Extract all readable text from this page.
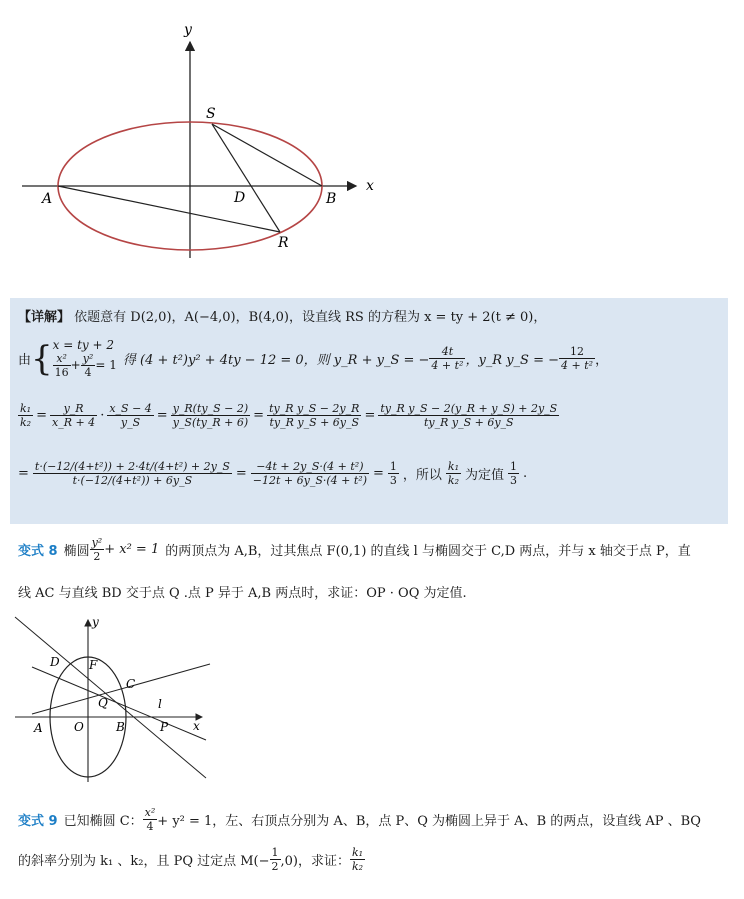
y
x
S
A	D	B
R
【详解】 依题意有 D(2,0)，A(−4,0)，B(4,0)，设直线 RS 的方程为 x = ty + 2(t ≠ 0)，
由 { x = ty + 2
$\frac{\text{x²}}{16} + \frac{\text{y²}}{4} = 1$ 得 (4 + t²)y² + 4ty − 12 = 0，则 y_R + y_S = − $\frac{4t}{\text{4 + t²}}$ ，y_R y_S = − $\frac{12}{\text{4 + t²}}$ ，
$\frac{\text{k₁}}{\text{k₂}} = \frac{y\_R}{x\_R + 4} \cdot \frac{x\_S - 4}{y\_S} = \frac{y\_R(ty\_S - 2)}{y\_S(ty\_R + 6)} = \frac{\text{ty\_R y\_S − 2y\_R}}{\text{ty\_R y\_S + 6y\_S}} = \frac{\text{ty\_R y\_S − 2(y\_R + y\_S) + 2y\_S}}{\text{ty\_R y\_S + 6y\_S}}$
= $\frac{\text{t·(−12/(4+t²)) + 2·4t/(4+t²) + 2y\_S}}{\text{t·(−12/(4+t²)) + 6y\_S}} = \frac{\text{−4t + 2y\_S·(4 + t²)}}{\text{−12t + 6y\_S·(4 + t²)}} = \frac{1}{3}$ ，所以 $\frac{\text{k₁}}{\text{k₂}}$ 为定值 $\frac{1}{3}$ .
变式 8 椭圆 $\frac{\text{y²}}{2} + x^2 = 1$ 的两顶点为 A,B，过其焦点 F(0,1) 的直线 l 与椭圆交于 C,D 两点，并与 x 轴交于点 P，直
线 AC 与直线 BD 交于点 Q .点 P 异于 A,B 两点时，求证：OP · OQ 为定值.
y
D F
C
Q	l
A	O	B	P x
变式 9 已知椭圆 C： $\frac{\text{x²}}{4} + y^2 = 1$，左、右顶点分别为 A、B，点 P、Q 为椭圆上异于 A、B 的两点，设直线 AP 、BQ
的斜率分别为 k₁ 、k₂，且 PQ 过定点 $M(- \frac{1}{2} ,0)$，求证： $\frac{\text{k₁}}{\text{k₂}}$
